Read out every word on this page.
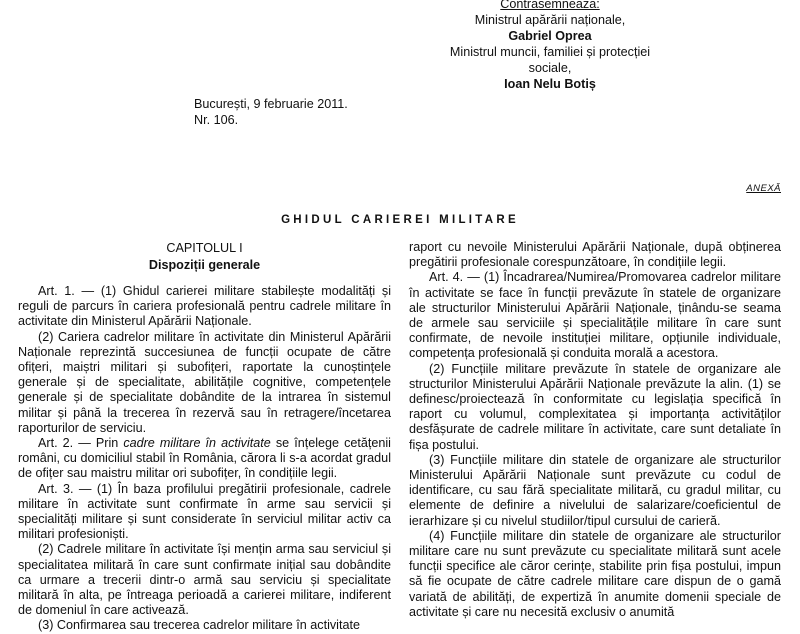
Contrasemnează:
Ministrul apărării naționale,
Gabriel Oprea
Ministrul muncii, familiei și protecției
sociale,
Ioan Nelu Botiș
București, 9 februarie 2011.
Nr. 106.
ANEXĂ
GHIDUL CARIEREI MILITARE
CAPITOLUL I
Dispoziții generale

Art. 1. — (1) Ghidul carierei militare stabilește modalități și reguli de parcurs în cariera profesională pentru cadrele militare în activitate din Ministerul Apărării Naționale.

(2) Cariera cadrelor militare în activitate din Ministerul Apărării Naționale reprezintă succesiunea de funcții ocupate de către ofițeri, maiștri militari și subofițeri, raportate la cunoștințele generale și de specialitate, abilitățile cognitive, competențele generale și de specialitate dobândite de la intrarea în sistemul militar și până la trecerea în rezervă sau în retragere/încetarea raporturilor de serviciu.

Art. 2. — Prin cadre militare în activitate se înțelege cetățenii români, cu domiciliul stabil în România, cărora li s-a acordat gradul de ofițer sau maistru militar ori subofițer, în condițiile legii.

Art. 3. — (1) În baza profilului pregătirii profesionale, cadrele militare în activitate sunt confirmate în arme sau servicii și specialități militare și sunt considerate în serviciul militar activ ca militari profesioniști.

(2) Cadrele militare în activitate își mențin arma sau serviciul și specialitatea militară în care sunt confirmate inițial sau dobândite ca urmare a trecerii dintr-o armă sau serviciu și specialitate militară în alta, pe întreaga perioadă a carierei militare, indiferent de domeniul în care activează.

(3) Confirmarea sau trecerea cadrelor militare în activitate

raport cu nevoile Ministerului Apărării Naționale, după obținerea pregătirii profesionale corespunzătoare, în condițiile legii.

Art. 4. — (1) Încadrarea/Numirea/Promovarea cadrelor militare în activitate se face în funcții prevăzute în statele de organizare ale structurilor Ministerului Apărării Naționale, ținându-se seama de armele sau serviciile și specialitățile militare în care sunt confirmate, de nevoile instituției militare, opțiunile individuale, competența profesională și conduita morală a acestora.

(2) Funcțiile militare prevăzute în statele de organizare ale structurilor Ministerului Apărării Naționale prevăzute la alin. (1) se definesc/proiectează în conformitate cu legislația specifică în raport cu volumul, complexitatea și importanța activităților desfășurate de cadrele militare în activitate, care sunt detaliate în fișa postului.

(3) Funcțiile militare din statele de organizare ale structurilor Ministerului Apărării Naționale sunt prevăzute cu codul de identificare, cu sau fără specialitate militară, cu gradul militar, cu elemente de definire a nivelului de salarizare/coeficientul de ierarhizare și cu nivelul studiilor/tipul cursului de carieră.

(4) Funcțiile militare din statele de organizare ale structurilor militare care nu sunt prevăzute cu specialitate militară sunt acele funcții specifice ale căror cerințe, stabilite prin fișa postului, impun să fie ocupate de către cadrele militare care dispun de o gamă variată de abilități, de expertiză în anumite domenii speciale de activitate și care nu necesită exclusiv o anumită
